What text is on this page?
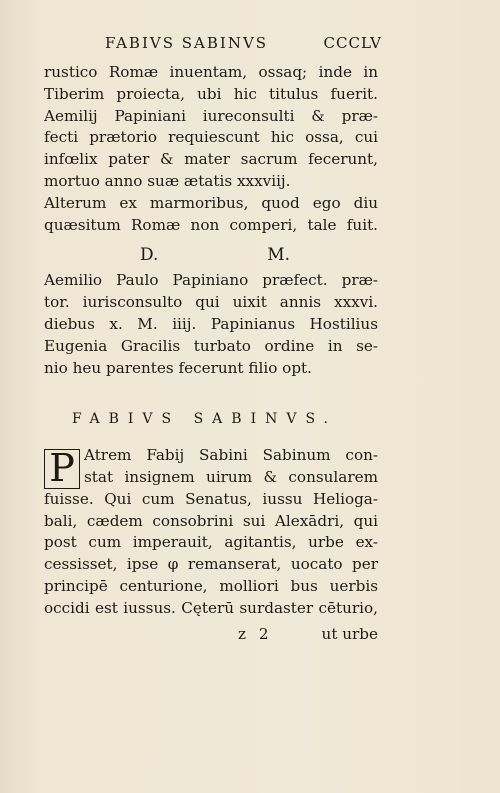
FABIVS SABINVS	CCCLV
rustico Romæ inuentam, ossaq; inde in
Tiberim proiecta, ubi hic titulus fuerit.
Aemilij Papiniani iureconsulti & præ-
fecti prætorio requiescunt hic ossa, cui
infœlix pater & mater sacrum fecerunt,
mortuo anno suæ ætatis xxxviij.
Alterum ex marmoribus, quod ego diu
quæsitum Romæ non comperi, tale fuit.
D.	M.
Aemilio Paulo Papiniano præfect. præ-
tor. iurisconsulto qui uixit annis xxxvi.
diebus x. M. iiij. Papinianus Hostilius
Eugenia Gracilis turbato ordine in se-
nio heu parentes fecerunt filio opt.
FABIVS SABINVS.
P Atrem Fabij Sabini Sabinum con-
stat insignem uirum & consularem
fuisse. Qui cum Senatus, iussu Helioga-
bali, cædem consobrini sui Alexādri, qui
post cum imperauit, agitantis, urbe ex-
cessisset, ipse φ remanserat, uocato per
principē centurione, molliori bus uerbis
occidi est iussus. Cęterū surdaster cēturio,
z 2	ut urbe
